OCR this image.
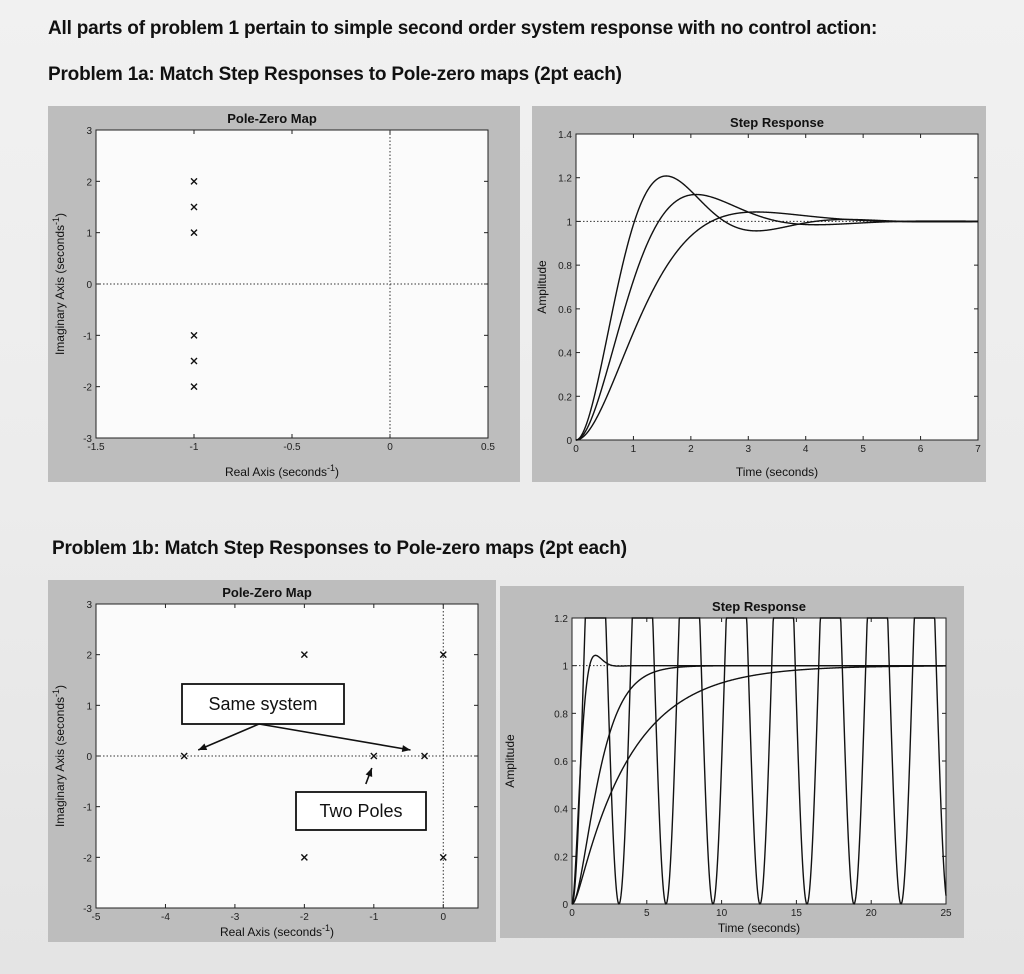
All parts of problem 1 pertain to simple second order system response with no control action:
Problem 1a: Match Step Responses to Pole-zero maps (2pt each)
Problem 1b: Match Step Responses to Pole-zero maps (2pt each)
Pole-Zero Map
-1.5	-1	-0.5	0	0.5
-3
-2
-1
0
1
2
3
Real Axis (seconds$^{-1}$)
Imaginary Axis (seconds$^{-1}$)
Step Response
0	1	2	3	4	5	6	7
0
0.2
0.4
0.6
0.8
1
1.2
1.4
Time (seconds)
Amplitude
Pole-Zero Map
-5	-4	-3	-2	-1	0
-3
-2
-1
0
1
2
3
Real Axis (seconds$^{-1}$)
Imaginary Axis (seconds$^{-1}$)
Same system
Two Poles
Step Response
0	5	10	15	20	25
0
0.2
0.4
0.6
0.8
1
1.2
Time (seconds)
Amplitude
